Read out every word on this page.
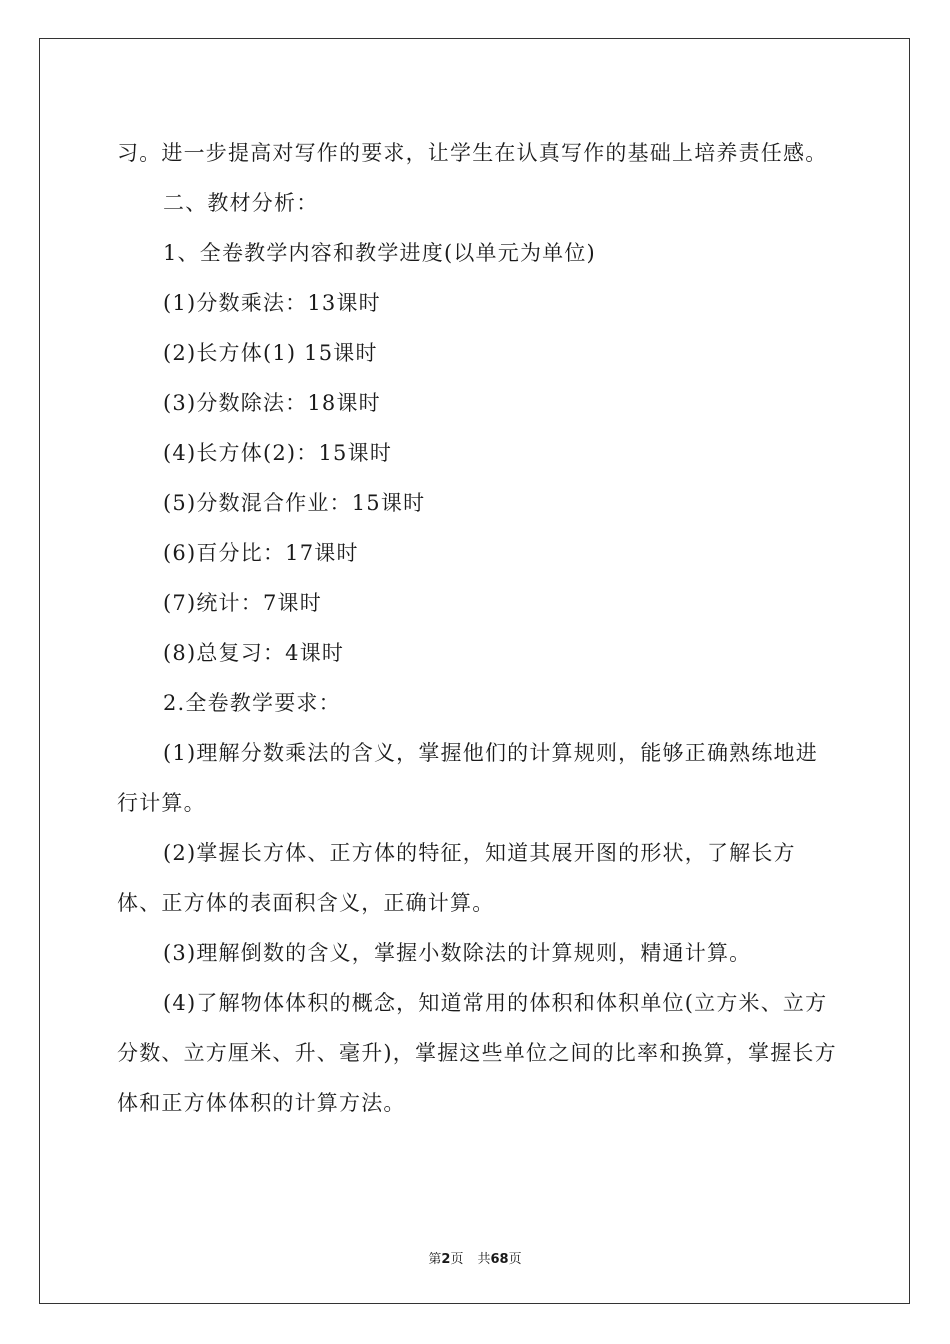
习。进一步提高对写作的要求，让学生在认真写作的基础上培养责任感。

二、教材分析：

1、全卷教学内容和教学进度(以单元为单位)

(1)分数乘法：13课时

(2)长方体(1) 15课时

(3)分数除法：18课时

(4)长方体(2)：15课时

(5)分数混合作业：15课时

(6)百分比：17课时

(7)统计：7课时

(8)总复习：4课时

2.全卷教学要求：

(1)理解分数乘法的含义，掌握他们的计算规则，能够正确熟练地进行计算。

(2)掌握长方体、正方体的特征，知道其展开图的形状，了解长方体、正方体的表面积含义，正确计算。

(3)理解倒数的含义，掌握小数除法的计算规则，精通计算。

(4)了解物体体积的概念，知道常用的体积和体积单位(立方米、立方分数、立方厘米、升、毫升)，掌握这些单位之间的比率和换算，掌握长方体和正方体体积的计算方法。

第2页 共68页
